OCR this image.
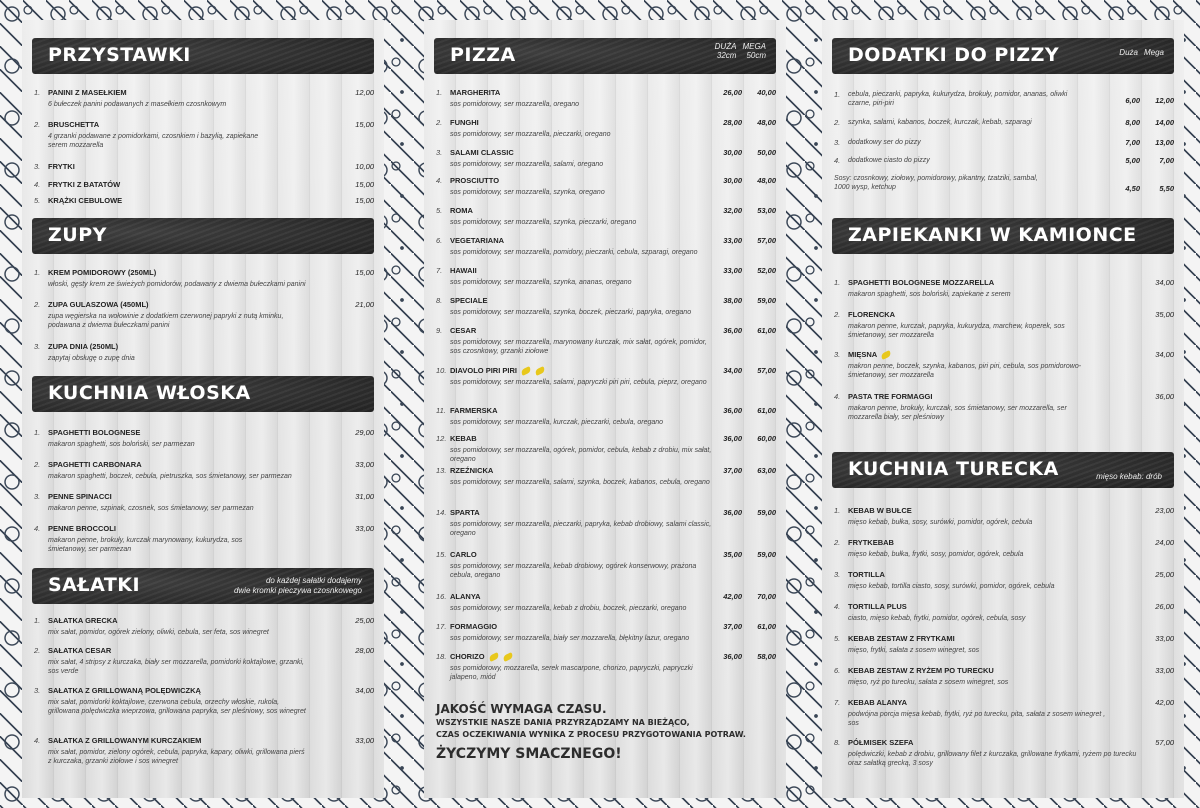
PRZYSTAWKI
1. PANINI Z MASEŁKIEM	12,00
6 bułeczek panini podawanych z masełkiem czosnkowym
2. BRUSCHETTA	15,00
4 grzanki podawane z pomidorkami, czosnkiem i bazylią, zapiekane serem mozzarella
3. FRYTKI	10,00
4. FRYTKI Z BATATÓW	15,00
5. KRĄŻKI CEBULOWE	15,00
ZUPY
1. KREM POMIDOROWY (250ML)	15,00
włoski, gęsty krem ze świeżych pomidorów, podawany z dwiema bułeczkami panini
2. ZUPA GULASZOWA (450ML)	21,00
zupa węgierska na wołowinie z dodatkiem czerwonej papryki z nutą kminku, podawana z dwiema bułeczkami panini
3. ZUPA DNIA (250ML)
zapytaj obsługę o zupę dnia
KUCHNIA WŁOSKA
1. SPAGHETTI BOLOGNESE	29,00
makaron spaghetti, sos boloński, ser parmezan
2. SPAGHETTI CARBONARA	33,00
makaron spaghetti, boczek, cebula, pietruszka, sos śmietanowy, ser parmezan
3. PENNE SPINACCI	31,00
makaron penne, szpinak, czosnek, sos śmietanowy, ser parmezan
4. PENNE BROCCOLI	33,00
makaron penne, brokuły, kurczak marynowany, kukurydza, sos śmietanowy, ser parmezan
SAŁATKI	do każdej sałatki dodajemy
dwie kromki pieczywa czosnkowego
1. SAŁATKA GRECKA	25,00
mix sałat, pomidor, ogórek zielony, oliwki, cebula, ser feta, sos winegret
2. SAŁATKA CESAR	28,00
mix sałat, 4 stripsy z kurczaka, biały ser mozzarella, pomidorki koktajlowe, grzanki, sos verde
3. SAŁATKA Z GRILLOWANĄ POLĘDWICZKĄ	34,00
mix sałat, pomidorki koktajlowe, czerwona cebula, orzechy włoskie, rukola, grillowana polędwiczka wieprzowa, grillowana papryka, ser pleśniowy, sos winegret
4. SAŁATKA Z GRILLOWANYM KURCZAKIEM	33,00
mix sałat, pomidor, zielony ogórek, cebula, papryka, kapary, oliwki, grillowana pierś z kurczaka, grzanki ziołowe i sos winegret
PIZZA	DUŻA
32cm
MEGA
50cm
1. MARGHERITA	26,00 40,00
sos pomidorowy, ser mozzarella, oregano
2. FUNGHI	28,00 48,00
sos pomidorowy, ser mozzarella, pieczarki, oregano
3. SALAMI CLASSIC	30,00 50,00
sos pomidorowy, ser mozzarella, salami, oregano
4. PROSCIUTTO	30,00 48,00
sos pomidorowy, ser mozzarella, szynka, oregano
5. ROMA	32,00 53,00
sos pomidorowy, ser mozzarella, szynka, pieczarki, oregano
6. VEGETARIANA	33,00 57,00
sos pomidorowy, ser mozzarella, pomidory, pieczarki, cebula, szparagi, oregano
7. HAWAII	33,00 52,00
sos pomidorowy, ser mozzarella, szynka, ananas, oregano
8. SPECIALE	38,00 59,00
sos pomidorowy, ser mozzarella, szynka, boczek, pieczarki, papryka, oregano
9. CESAR	36,00 61,00
sos pomidorowy, ser mozzarella, marynowany kurczak, mix sałat, ogórek, pomidor, sos czosnkowy, grzanki ziołowe
10. DIAVOLO PIRI PIRI	34,00 57,00
sos pomidorowy, ser mozzarella, salami, papryczki piri piri, cebula, pieprz, oregano
11. FARMERSKA	36,00 61,00
sos pomidorowy, ser mozzarella, kurczak, pieczarki, cebula, oregano
12. KEBAB	36,00 60,00
sos pomidorowy, ser mozzarella, ogórek, pomidor, cebula, kebab z drobiu, mix sałat, oregano
13. RZEŹNICKA	37,00 63,00
sos pomidorowy, ser mozzarella, salami, szynka, boczek, kabanos, cebula, oregano
14. SPARTA	36,00 59,00
sos pomidorowy, ser mozzarella, pieczarki, papryka, kebab drobiowy, salami classic, oregano
15. CARLO	35,00 59,00
sos pomidorowy, ser mozzarella, kebab drobiowy, ogórek konserwowy, prażona cebula, oregano
16. ALANYA	42,00 70,00
sos pomidorowy, ser mozzarella, kebab z drobiu, boczek, pieczarki, oregano
17. FORMAGGIO	37,00 61,00
sos pomidorowy, ser mozzarella, biały ser mozzarella, błękitny lazur, oregano
18. CHORIZO	36,00 58,00
sos pomidorowy, mozzarella, serek mascarpone, chorizo, papryczki, papryczki jalapeno, miód
JAKOŚĆ WYMAGA CZASU.
WSZYSTKIE NASZE DANIA PRZYRZĄDZAMY NA BIEŻĄCO,
CZAS OCZEKIWANIA WYNIKA Z PROCESU PRZYGOTOWANIA POTRAW.
ŻYCZYMY SMACZNEGO!
DODATKI DO PIZZY	Duża Mega
1. cebula, pieczarki, papryka, kukurydza, brokuły, pomidor, ananas, oliwki czarne, piri-piri	6,00 12,00
2. szynka, salami, kabanos, boczek, kurczak, kebab, szparagi	8,00 14,00
3. dodatkowy ser do pizzy	7,00 13,00
4. dodatkowe ciasto do pizzy	5,00	7,00
Sosy: czosnkowy, ziołowy, pomidorowy, pikantny, tzatziki, sambal, 1000 wysp, ketchup	4,50	5,50
ZAPIEKANKI W KAMIONCE
1. SPAGHETTI BOLOGNESE MOZZARELLA	34,00
makaron spaghetti, sos boloński, zapiekane z serem
2. FLORENCKA	35,00
makaron penne, kurczak, papryka, kukurydza, marchew, koperek, sos śmietanowy, ser mozzarella
3. MIĘSNA	34,00
makron penne, boczek, szynka, kabanos, piri piri, cebula, sos pomidorowo-śmietanowy, ser mozzarella
4. PASTA TRE FORMAGGI	36,00
makaron penne, brokuły, kurczak, sos śmietanowy, ser mozzarella, ser mozzarella biały, ser pleśniowy
KUCHNIA TURECKA	mięso kebab: drób
1. KEBAB W BUŁCE	23,00
mięso kebab, bułka, sosy, surówki, pomidor, ogórek, cebula
2. FRYTKEBAB	24,00
mięso kebab, bułka, frytki, sosy, pomidor, ogórek, cebula
3. TORTILLA	25,00
mięso kebab, tortilla ciasto, sosy, surówki, pomidor, ogórek, cebula
4. TORTILLA PLUS	26,00
ciasto, mięso kebab, frytki, pomidor, ogórek, cebula, sosy
5. KEBAB ZESTAW Z FRYTKAMI	33,00
mięso, frytki, sałata z sosem winegret, sos
6. KEBAB ZESTAW Z RYŻEM PO TURECKU	33,00
mięso, ryż po turecku, sałata z sosem winegret, sos
7. KEBAB ALANYA	42,00
podwójna porcja mięsa kebab, frytki, ryż po turecku, pita, sałata z sosem winegret , sos
8. PÓŁMISEK SZEFA	57,00
polędwiczki, kebab z drobiu, grillowany filet z kurczaka, grillowane frytkami, ryżem po turecku oraz sałatką grecką, 3 sosy
